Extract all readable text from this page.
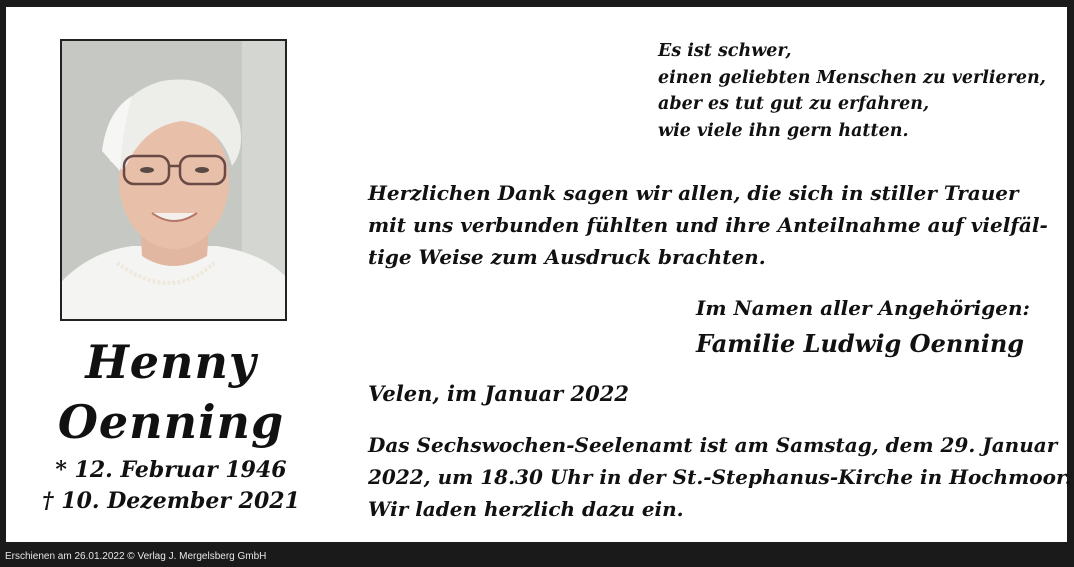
Henny
Oenning
* 12. Februar 1946
† 10. Dezember 2021
Es ist schwer,
einen geliebten Menschen zu verlieren,
aber es tut gut zu erfahren,
wie viele ihn gern hatten.
Herzlichen Dank sagen wir allen, die sich in stiller Trauer
mit uns verbunden fühlten und ihre Anteilnahme auf vielfäl-
tige Weise zum Ausdruck brachten.
Im Namen aller Angehörigen:
Familie Ludwig Oenning
Velen, im Januar 2022
Das Sechswochen-Seelenamt ist am Samstag, dem 29. Januar
2022, um 18.30 Uhr in der St.-Stephanus-Kirche in Hochmoor.
Wir laden herzlich dazu ein.
Erschienen am 26.01.2022 © Verlag J. Mergelsberg GmbH
